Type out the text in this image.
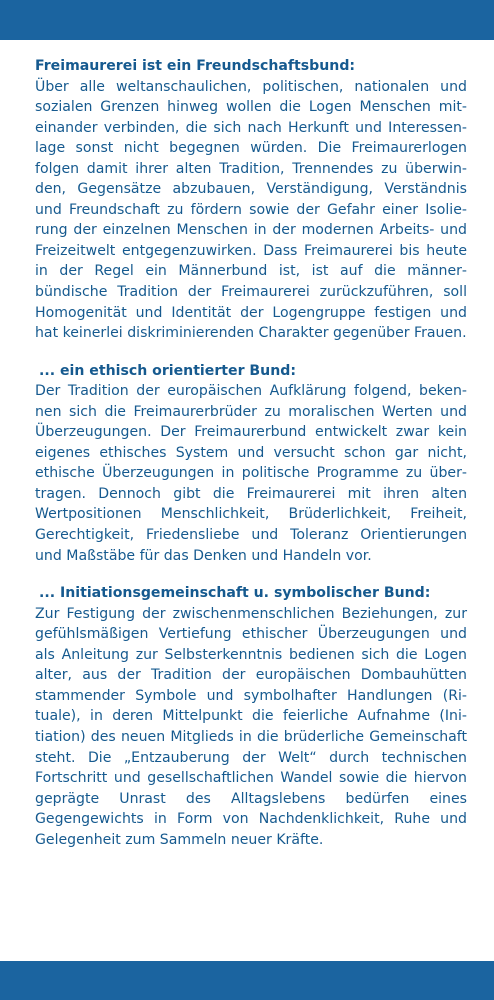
Freimaurerei ist ein Freundschaftsbund:

Über alle weltanschaulichen, politischen, nationalen und sozialen Grenzen hinweg wollen die Logen Menschen miteinander verbinden, die sich nach Herkunft und Interessenlage sonst nicht begegnen würden. Die Freimaurerlogen folgen damit ihrer alten Tradition, Trennendes zu überwinden, Gegensätze abzubauen, Verständigung, Verständnis und Freundschaft zu fördern sowie der Gefahr einer Isolierung der einzelnen Menschen in der modernen Arbeits- und Freizeitwelt entgegenzuwirken. Dass Freimaurerei bis heute in der Regel ein Männerbund ist, ist auf die männerbündische Tradition der Freimaurerei zurückzuführen, soll Homogenität und Identität der Logengruppe festigen und hat keinerlei diskriminierenden Charakter gegenüber Frauen.

... ein ethisch orientierter Bund:

Der Tradition der europäischen Aufklärung folgend, bekennen sich die Freimaurerbrüder zu moralischen Werten und Überzeugungen. Der Freimaurerbund entwickelt zwar kein eigenes ethisches System und versucht schon gar nicht, ethische Überzeugungen in politische Programme zu übertragen. Dennoch gibt die Freimaurerei mit ihren alten Wertpositionen Menschlichkeit, Brüderlichkeit, Freiheit, Gerechtigkeit, Friedensliebe und Toleranz Orientierungen und Maßstäbe für das Denken und Handeln vor.

... Initiationsgemeinschaft u. symbolischer Bund:

Zur Festigung der zwischenmenschlichen Beziehungen, zur gefühlsmäßigen Vertiefung ethischer Überzeugungen und als Anleitung zur Selbsterkenntnis bedienen sich die Logen alter, aus der Tradition der europäischen Dombauhütten stammender Symbole und symbolhafter Handlungen (Rituale), in deren Mittelpunkt die feierliche Aufnahme (Initiation) des neuen Mitglieds in die brüderliche Gemeinschaft steht. Die „Entzauberung der Welt“ durch technischen Fortschritt und gesellschaftlichen Wandel sowie die hiervon geprägte Unrast des Alltagslebens bedürfen eines Gegengewichts in Form von Nachdenklichkeit, Ruhe und Gelegenheit zum Sammeln neuer Kräfte.
